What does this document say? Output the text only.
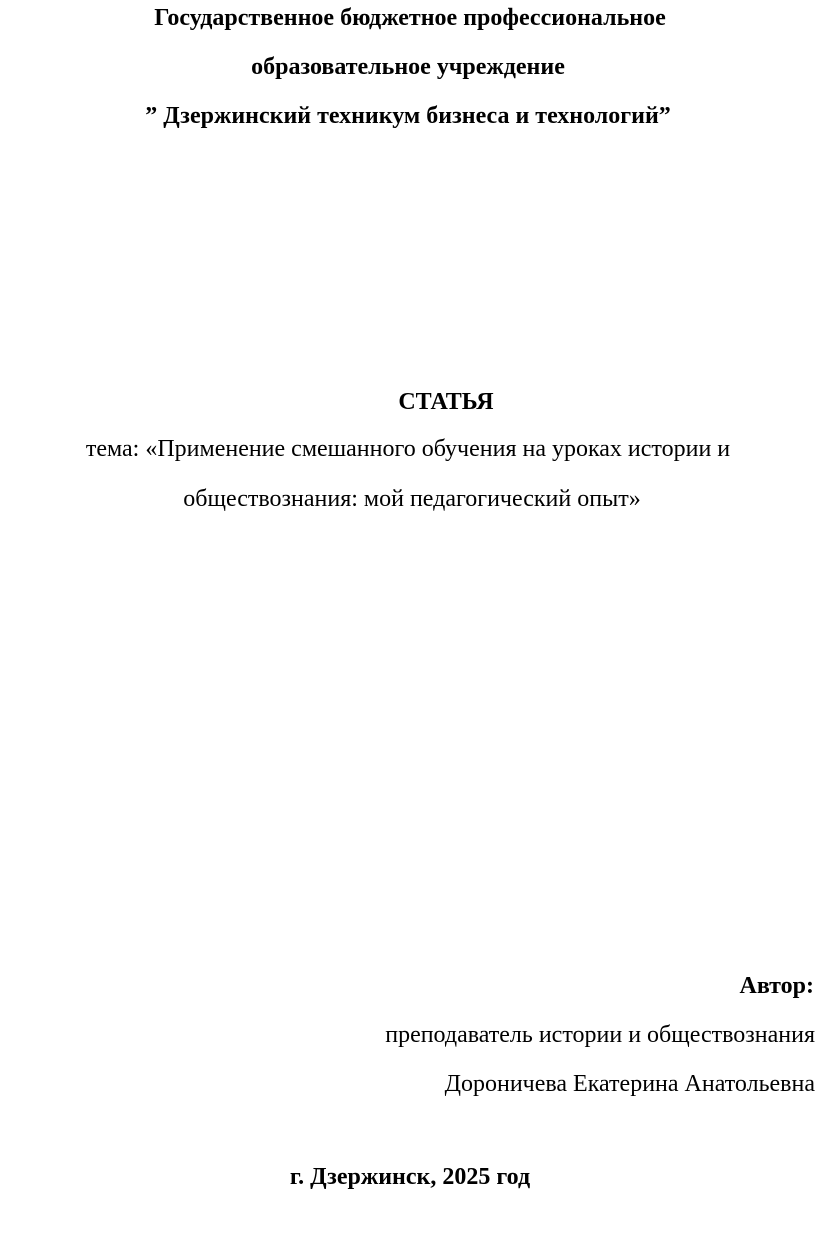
Государственное бюджетное профессиональное
образовательное учреждение
” Дзержинский техникум бизнеса и технологий”
СТАТЬЯ
тема: «Применение смешанного обучения на уроках истории и
обществознания: мой педагогический опыт»
Автор:
преподаватель истории и обществознания
Дороничева Екатерина Анатольевна
г. Дзержинск, 2025 год
